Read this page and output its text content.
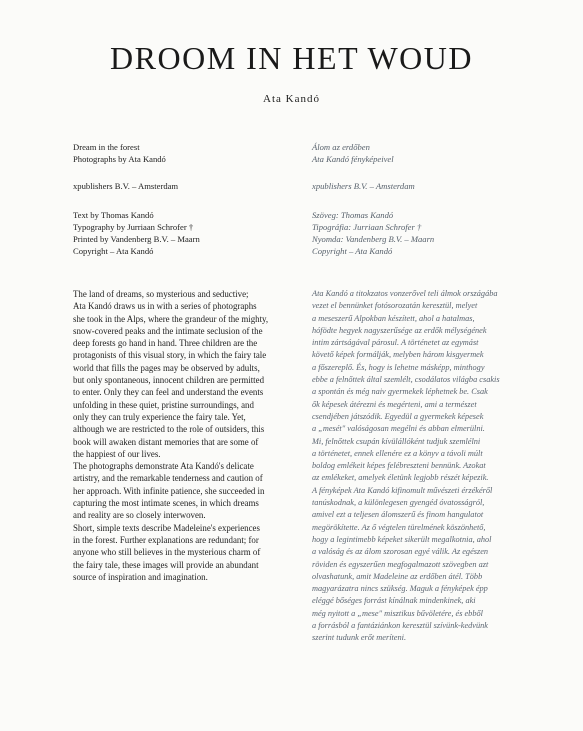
DROOM IN HET WOUD
Ata Kandó

Dream in the forest

Photographs by Ata Kandó

xpublishers B.V. – Amsterdam

Text by Thomas Kandó

Typography by Jurriaan Schrofer †

Printed by Vandenberg B.V. – Maarn

Copyright – Ata Kandó

Álom az erdőben

Ata Kandó fényképeivel

xpublishers B.V. – Amsterdam

Szöveg: Thomas Kandó

Tipográfia: Jurriaan Schrofer †

Nyomda: Vandenberg B.V. – Maarn

Copyright – Ata Kandó

The land of dreams, so mysterious and seductive;

Ata Kandó draws us in with a series of photographs

she took in the Alps, where the grandeur of the mighty,

snow-covered peaks and the intimate seclusion of the

deep forests go hand in hand. Three children are the

protagonists of this visual story, in which the fairy tale

world that fills the pages may be observed by adults,

but only spontaneous, innocent children are permitted

to enter. Only they can feel and understand the events

unfolding in these quiet, pristine surroundings, and

only they can truly experience the fairy tale. Yet,

although we are restricted to the role of outsiders, this

book will awaken distant memories that are some of

the happiest of our lives.

The photographs demonstrate Ata Kandó's delicate

artistry, and the remarkable tenderness and caution of

her approach. With infinite patience, she succeeded in

capturing the most intimate scenes, in which dreams

and reality are so closely interwoven.

Short, simple texts describe Madeleine's experiences

in the forest. Further explanations are redundant; for

anyone who still believes in the mysterious charm of

the fairy tale, these images will provide an abundant

source of inspiration and imagination.

Ata Kandó a titokzatos vonzerővel teli álmok országába

vezet el bennünket fotósorozatán keresztül, melyet

a meseszerű Alpokban készített, ahol a hatalmas,

hófödte hegyek nagyszerűsége az erdők mélységének

intim zártságával párosul. A történetet az egymást

követő képek formálják, melyben három kisgyermek

a főszereplő. És, hogy is lehetne másképp, minthogy

ebbe a felnőttek által szemlélt, csodálatos világba csakis

a spontán és még naiv gyermekek léphetnek be. Csak

ők képesek átérezni és megérteni, ami a természet

csendjében játszódik. Egyedül a gyermekek képesek

a „mesét" valóságosan megélni és abban elmerülni.

Mi, felnőttek csupán kívülállóként tudjuk szemlélni

a történetet, ennek ellenére ez a könyv a távoli múlt

boldog emlékeit képes felébreszteni bennünk. Azokat

az emlékeket, amelyek életünk legjobb részét képezik.

A fényképek Ata Kandó kifinomult művészeti érzékéről

tanúskodnak, a különlegesen gyengéd óvatosságról,

amivel ezt a teljesen álomszerű és finom hangulatot

megörökítette. Az ő végtelen türelmének köszönhető,

hogy a legintimebb képeket sikerült megalkotnia, ahol

a valóság és az álom szorosan egyé válik. Az egészen

röviden és egyszerűen megfogalmazott szövegben azt

olvashatunk, amit Madeleine az erdőben átél. Több

magyarázatra nincs szükség. Maguk a fényképek épp

eléggé bőséges forrást kínálnak mindenkinek, aki

még nyitott a „mese" misztikus bűvöletére, és ebből

a forrásból a fantáziánkon keresztül szívünk-kedvünk

szerint tudunk erőt meríteni.
